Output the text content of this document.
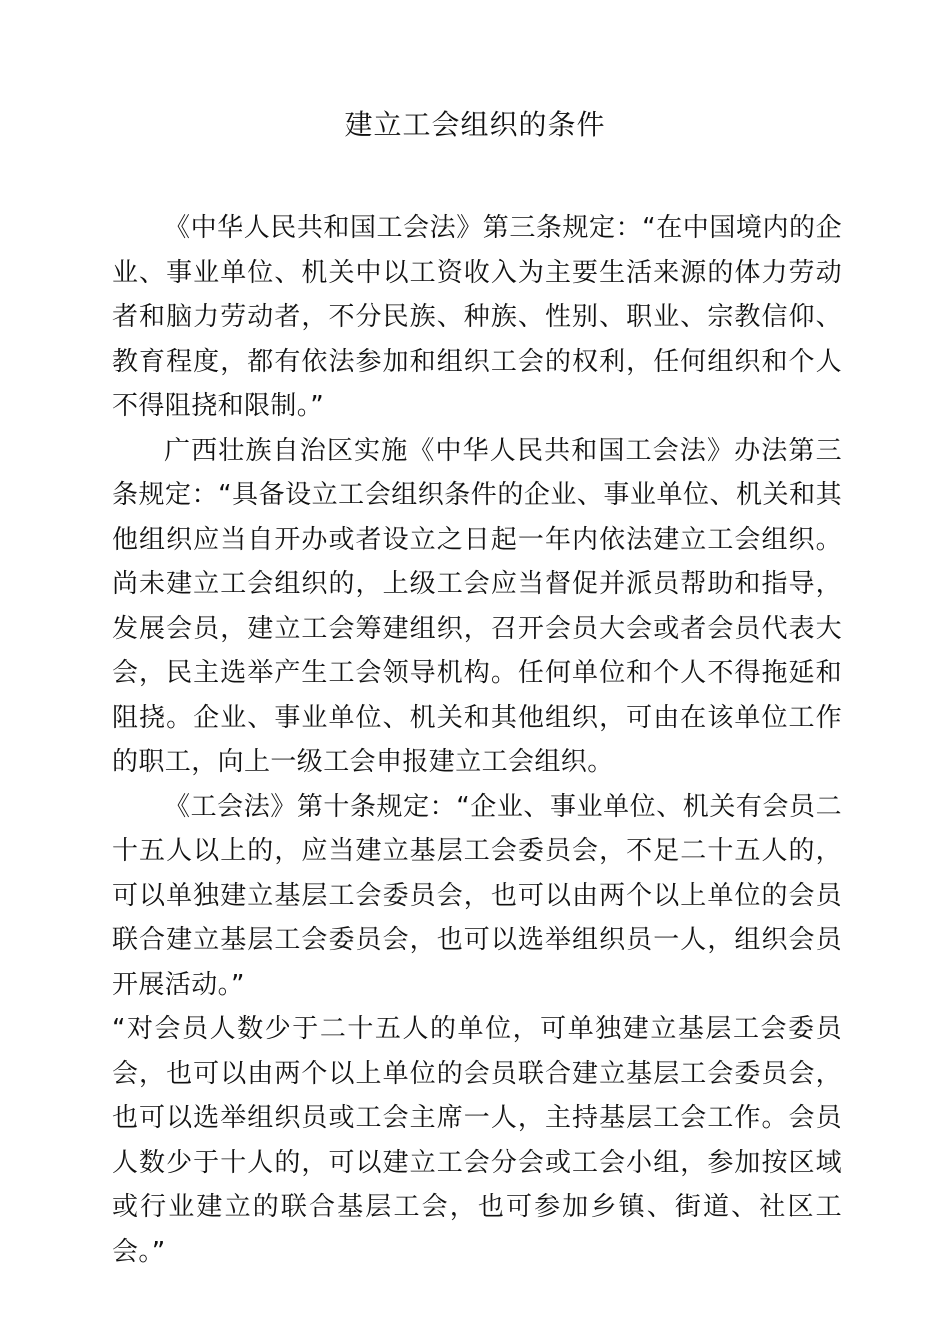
建立工会组织的条件

《中华人民共和国工会法》第三条规定：“在中国境内的企业、事业单位、机关中以工资收入为主要生活来源的体力劳动者和脑力劳动者，不分民族、种族、性别、职业、宗教信仰、教育程度，都有依法参加和组织工会的权利，任何组织和个人不得阻挠和限制。”

广西壮族自治区实施《中华人民共和国工会法》办法第三条规定：“具备设立工会组织条件的企业、事业单位、机关和其他组织应当自开办或者设立之日起一年内依法建立工会组织。尚未建立工会组织的，上级工会应当督促并派员帮助和指导，发展会员，建立工会筹建组织，召开会员大会或者会员代表大会，民主选举产生工会领导机构。任何单位和个人不得拖延和阻挠。企业、事业单位、机关和其他组织，可由在该单位工作的职工，向上一级工会申报建立工会组织。

《工会法》第十条规定：“企业、事业单位、机关有会员二十五人以上的，应当建立基层工会委员会，不足二十五人的，可以单独建立基层工会委员会，也可以由两个以上单位的会员联合建立基层工会委员会，也可以选举组织员一人，组织会员开展活动。”

“对会员人数少于二十五人的单位，可单独建立基层工会委员会，也可以由两个以上单位的会员联合建立基层工会委员会，也可以选举组织员或工会主席一人，主持基层工会工作。会员人数少于十人的，可以建立工会分会或工会小组，参加按区域或行业建立的联合基层工会，也可参加乡镇、街道、社区工会。”
